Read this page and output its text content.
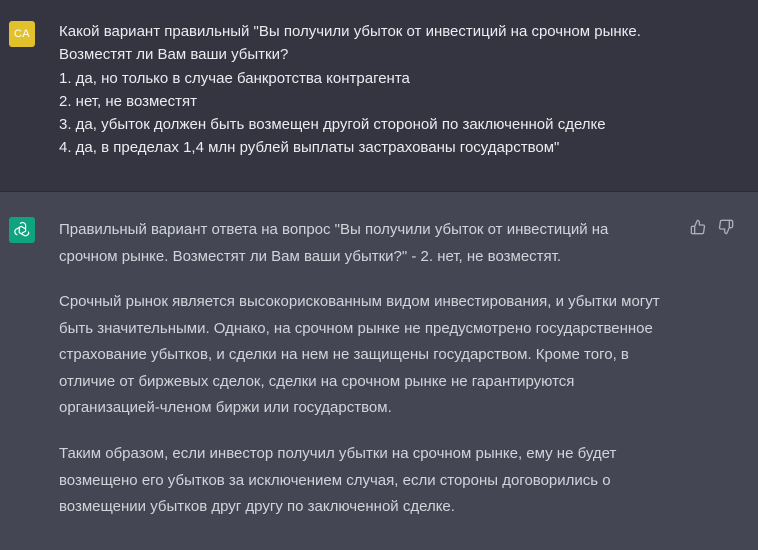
CA	Какой вариант правильный "Вы получили убыток от инвестиций на срочном рынке.
Возместят ли Вам ваши убытки?
1. да, но только в случае банкротства контрагента
2. нет, не возместят
3. да, убыток должен быть возмещен другой стороной по заключенной сделке
4. да, в пределах 1,4 млн рублей выплаты застрахованы государством"
Правильный вариант ответа на вопрос "Вы получили убыток от инвестиций на
срочном рынке. Возместят ли Вам ваши убытки?" - 2. нет, не возместят.
Срочный рынок является высокорискованным видом инвестирования, и убытки могут
быть значительными. Однако, на срочном рынке не предусмотрено государственное
страхование убытков, и сделки на нем не защищены государством. Кроме того, в
отличие от биржевых сделок, сделки на срочном рынке не гарантируются
организацией-членом биржи или государством.
Таким образом, если инвестор получил убытки на срочном рынке, ему не будет
возмещено его убытков за исключением случая, если стороны договорились о
возмещении убытков друг другу по заключенной сделке.
